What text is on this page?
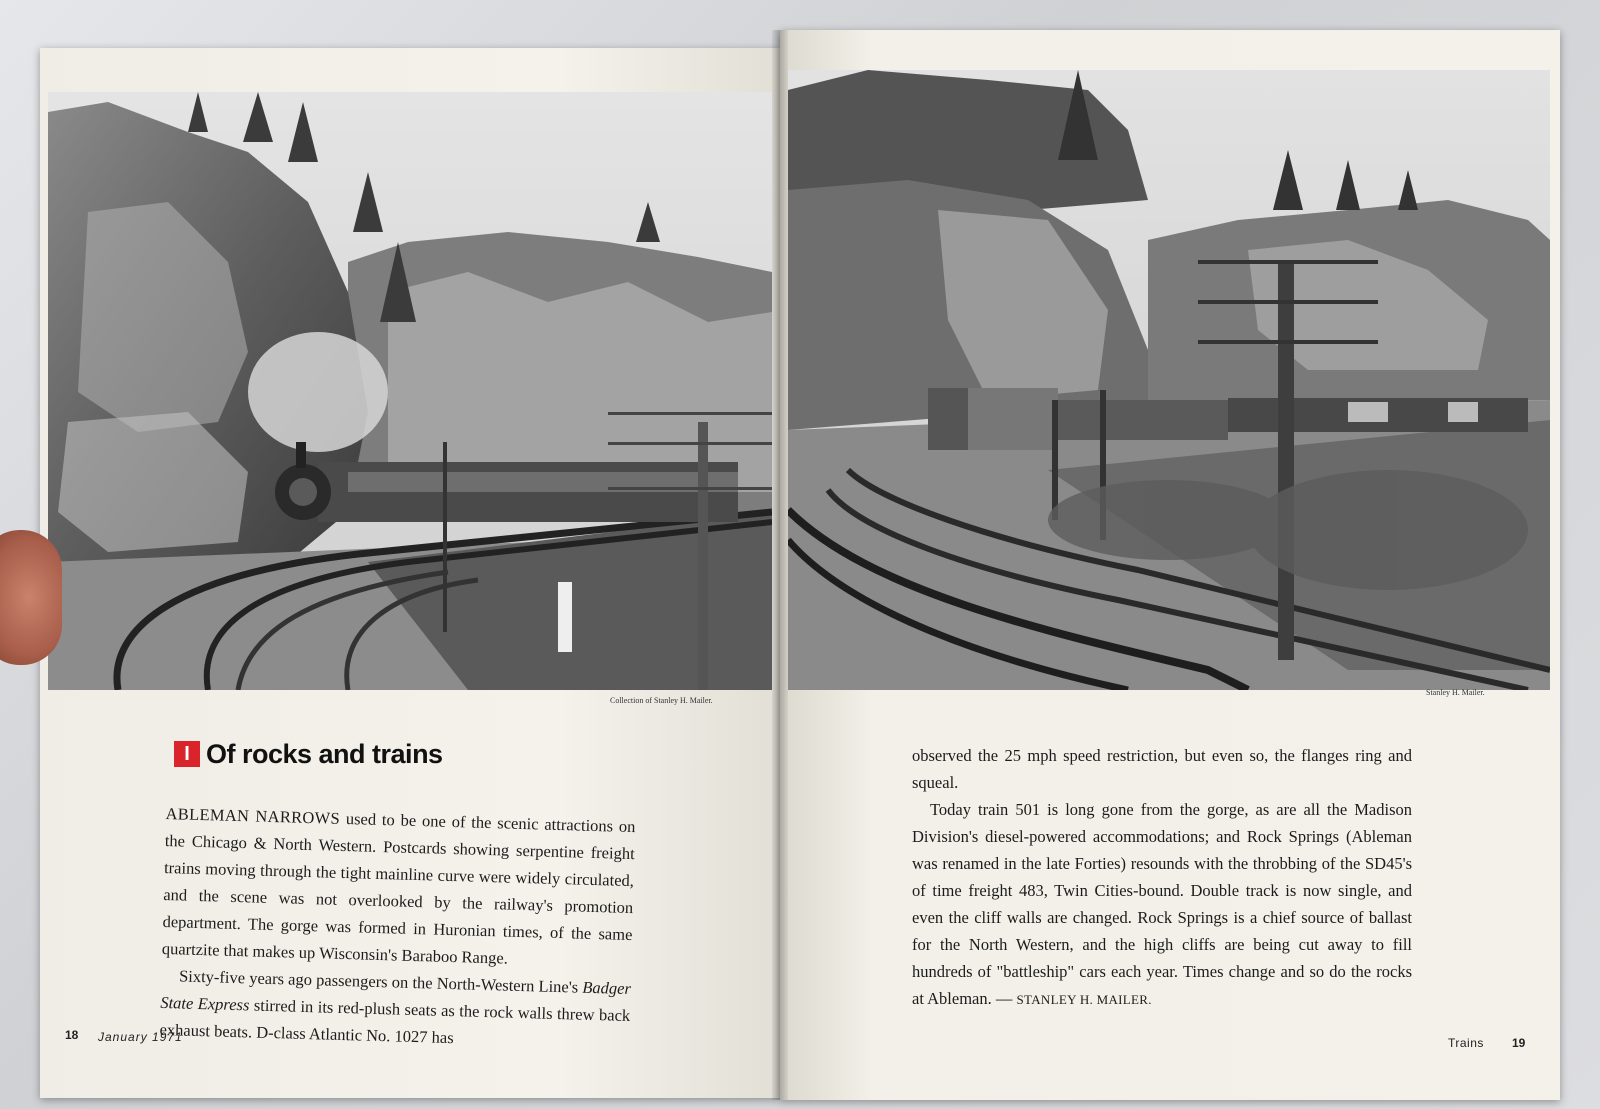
Collection of Stanley H. Mailer.
Stanley H. Mailer.
I Of rocks and trains

ABLEMAN NARROWS used to be one of the scenic attractions on the Chicago & North Western. Postcards showing serpentine freight trains moving through the tight mainline curve were widely circulated, and the scene was not overlooked by the railway's promotion department. The gorge was formed in Huronian times, of the same quartzite that makes up Wisconsin's Baraboo Range.

Sixty-five years ago passengers on the North-Western Line's Badger State Express stirred in its red-plush seats as the rock walls threw back exhaust beats. D-class Atlantic No. 1027 has

observed the 25 mph speed restriction, but even so, the flanges ring and squeal.

Today train 501 is long gone from the gorge, as are all the Madison Division's diesel-powered accommodations; and Rock Springs (Ableman was renamed in the late Forties) resounds with the throbbing of the SD45's of time freight 483, Twin Cities-bound. Double track is now single, and even the cliff walls are changed. Rock Springs is a chief source of ballast for the North Western, and the high cliffs are being cut away to fill hundreds of "battleship" cars each year. Times change and so do the rocks at Ableman. — STANLEY H. MAILER.

18 January 1971	Trains 19
